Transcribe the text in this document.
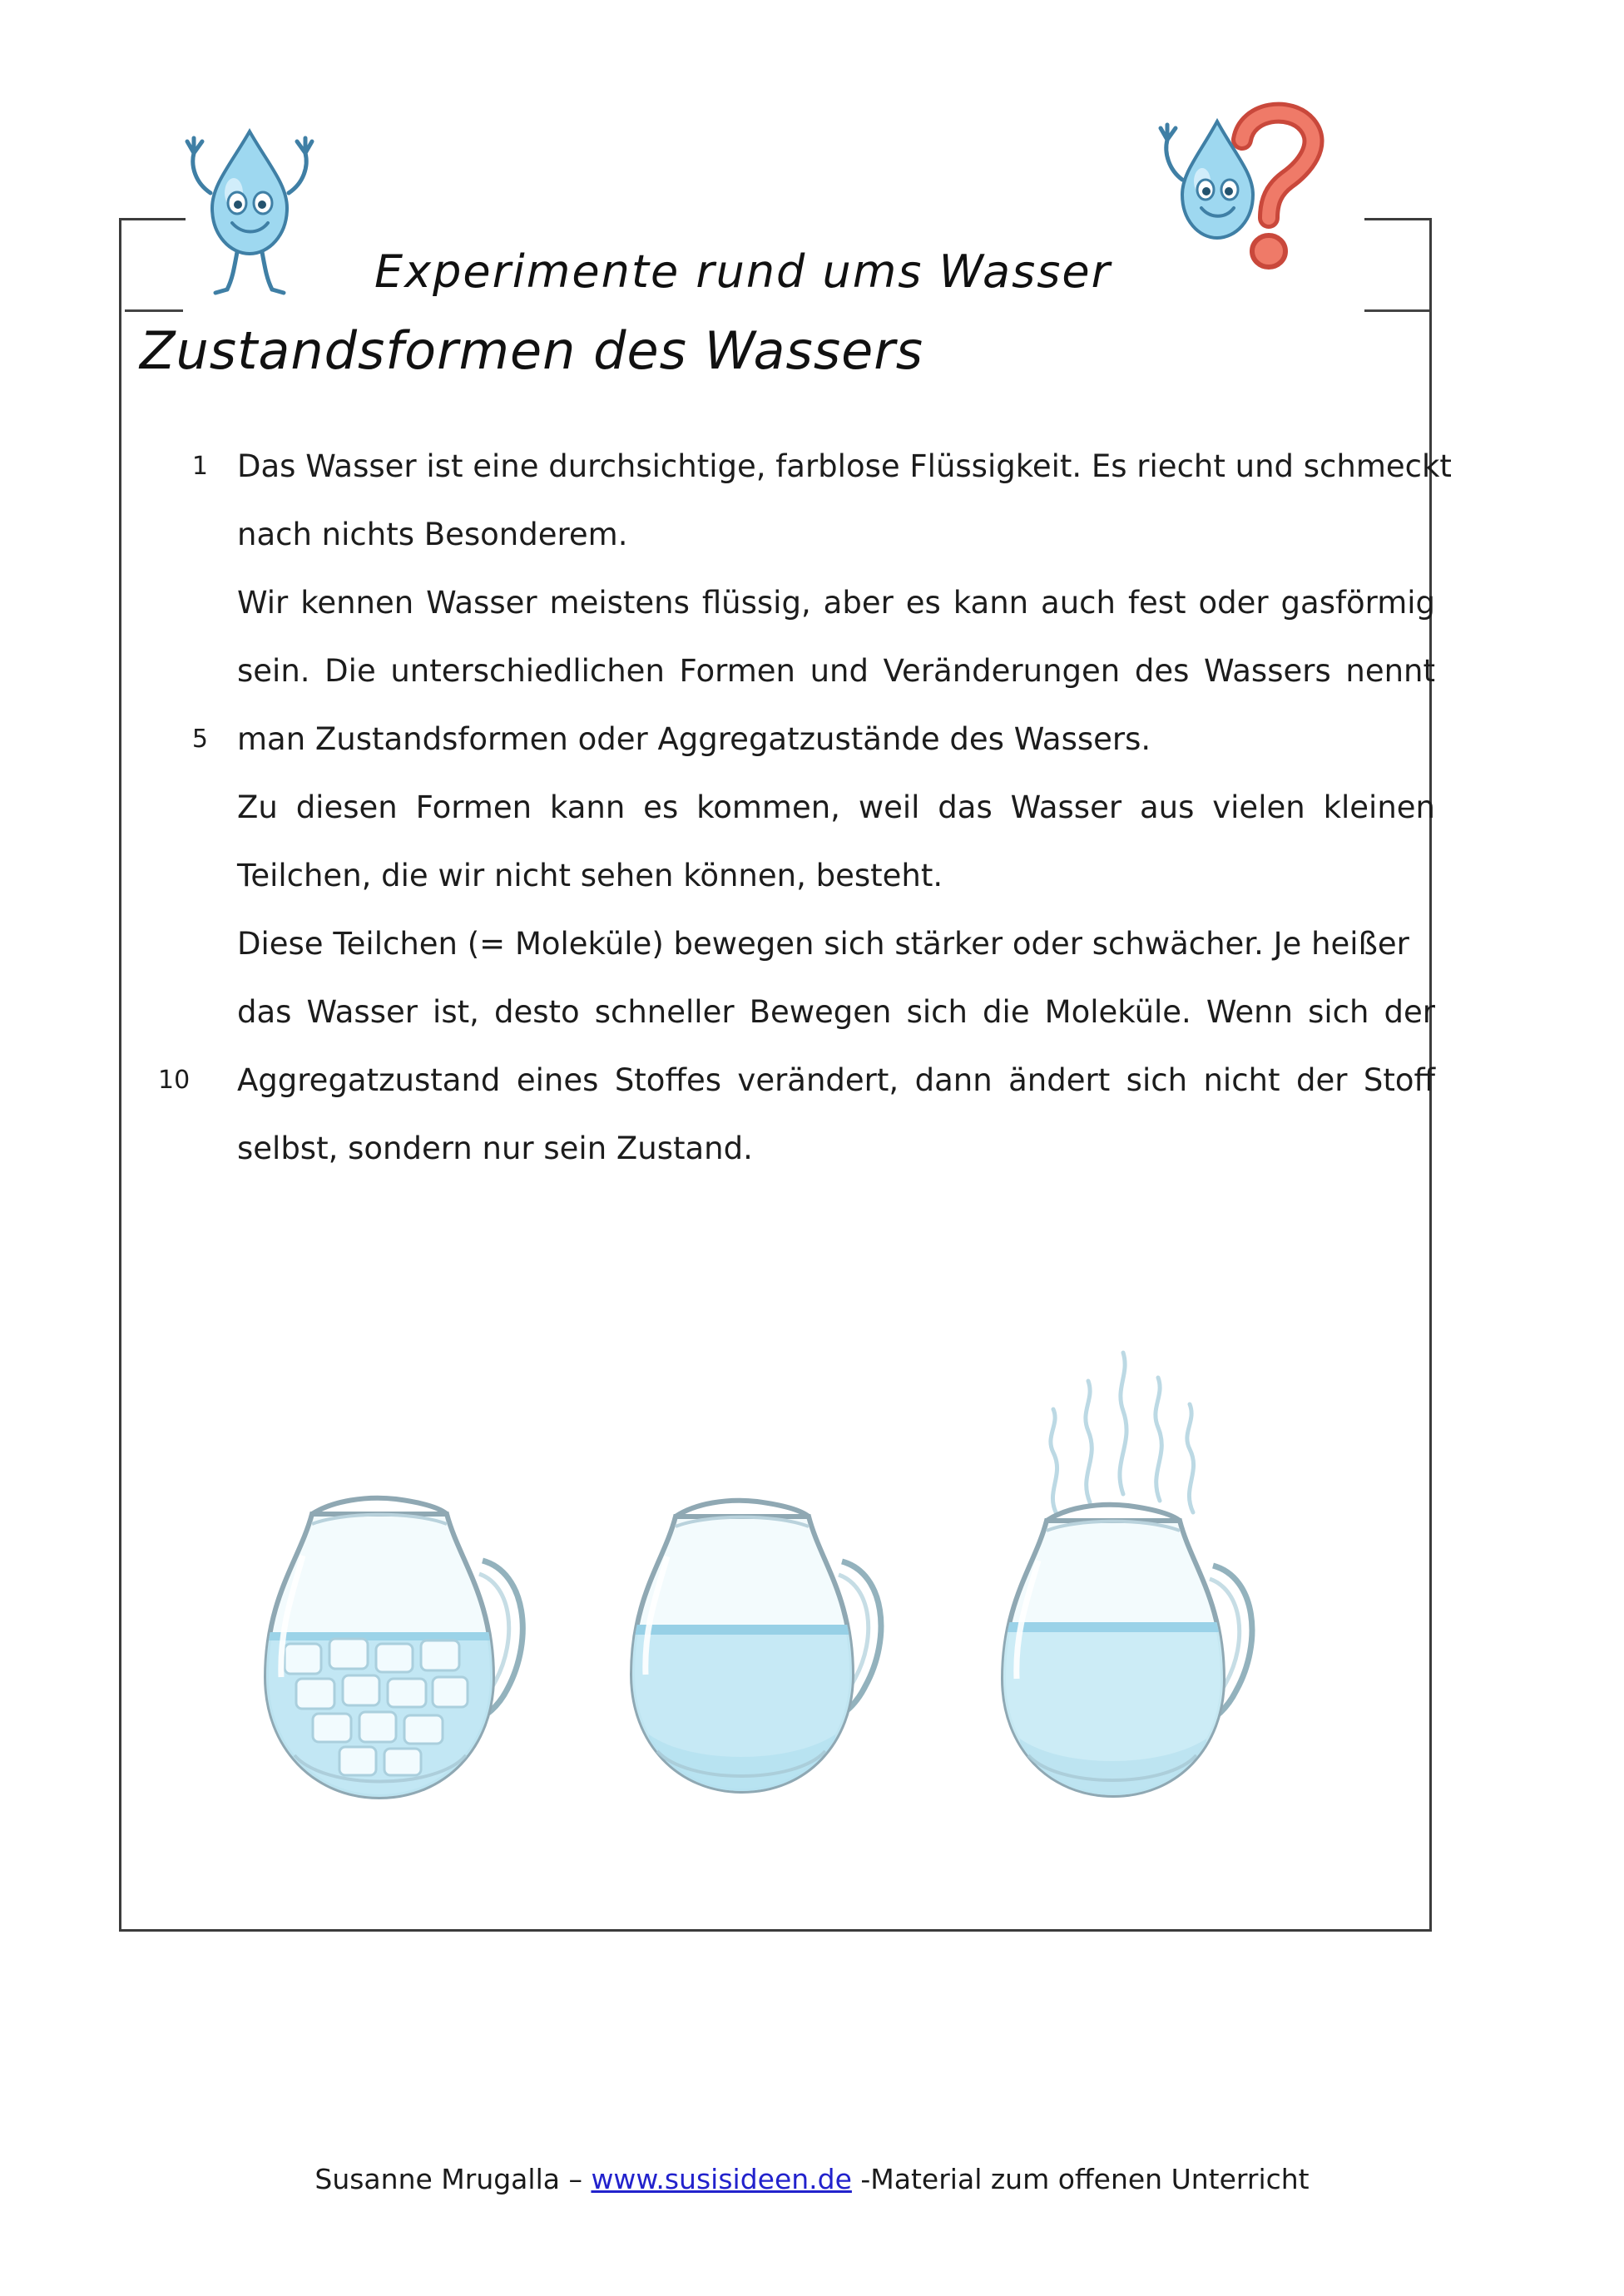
Experimente rund ums Wasser
Zustandsformen des Wassers
1 Das Wasser ist eine durchsichtige, farblose Flüssigkeit. Es riecht und schmeckt
nach nichts Besonderem.
Wir kennen Wasser meistens flüssig, aber es kann auch fest oder gasförmig
sein. Die unterschiedlichen Formen und Veränderungen des Wassers nennt
5 man Zustandsformen oder Aggregatzustände des Wassers.
Zu diesen Formen kann es kommen, weil das Wasser aus vielen kleinen
Teilchen, die wir nicht sehen können, besteht.
Diese Teilchen (= Moleküle) bewegen sich stärker oder schwächer. Je heißer
das Wasser ist, desto schneller Bewegen sich die Moleküle. Wenn sich der
10	Aggregatzustand eines Stoffes verändert, dann ändert sich nicht der Stoff
selbst, sondern nur sein Zustand.
Susanne Mrugalla – www.susisideen.de -Material zum offenen Unterricht
